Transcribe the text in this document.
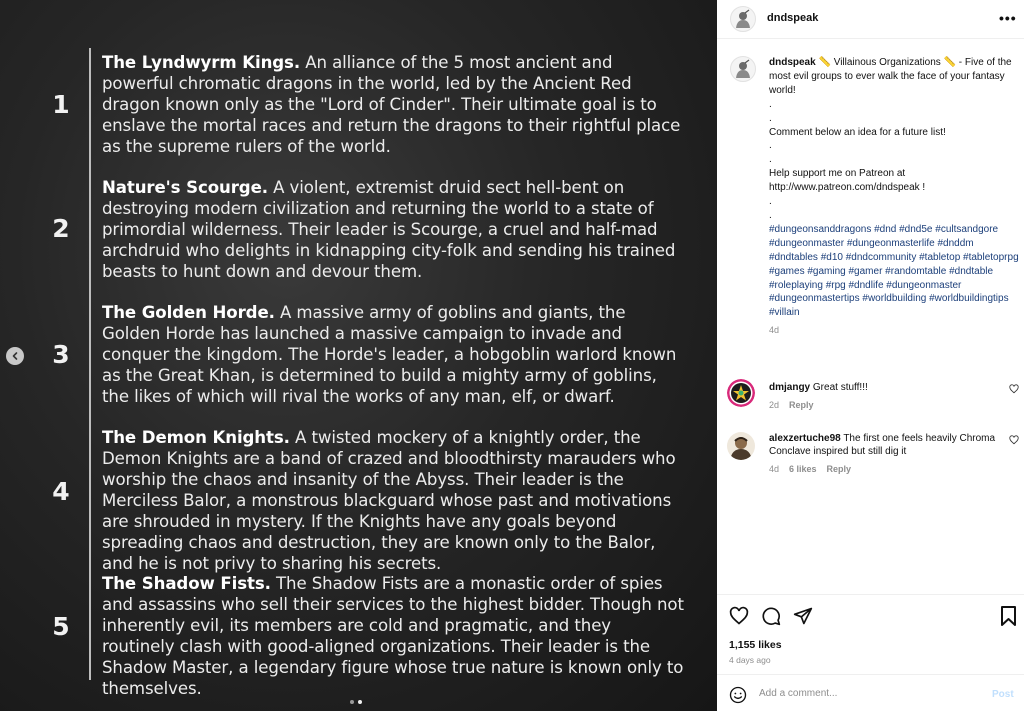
1
The Lyndwyrm Kings. An alliance of the 5 most ancient and powerful chromatic dragons in the world, led by the Ancient Red dragon known only as the "Lord of Cinder". Their ultimate goal is to enslave the mortal races and return the dragons to their rightful place as the supreme rulers of the world.
2
Nature's Scourge. A violent, extremist druid sect hell-bent on destroying modern civilization and returning the world to a state of primordial wilderness. Their leader is Scourge, a cruel and half-mad archdruid who delights in kidnapping city-folk and sending his trained beasts to hunt down and devour them.
3
The Golden Horde. A massive army of goblins and giants, the Golden Horde has launched a massive campaign to invade and conquer the kingdom. The Horde's leader, a hobgoblin warlord known as the Great Khan, is determined to build a mighty army of goblins, the likes of which will rival the works of any man, elf, or dwarf.
4
The Demon Knights. A twisted mockery of a knightly order, the Demon Knights are a band of crazed and bloodthirsty marauders who worship the chaos and insanity of the Abyss. Their leader is the Merciless Balor, a monstrous blackguard whose past and motivations are shrouded in mystery. If the Knights have any goals beyond spreading chaos and destruction, they are known only to the Balor, and he is not privy to sharing his secrets.
5
The Shadow Fists. The Shadow Fists are a monastic order of spies and assassins who sell their services to the highest bidder. Though not inherently evil, its members are cold and pragmatic, and they routinely clash with good-aligned organizations. Their leader is the Shadow Master, a legendary figure whose true nature is known only to themselves.
dndspeak	•••
dndspeak 📏 Villainous Organizations 📏 - Five of the most evil groups to ever walk the face of your fantasy world!
.
.
Comment below an idea for a future list!
.
.
Help support me on Patreon at http://www.patreon.com/dndspeak !
.
.
#dungeonsanddragons #dnd #dnd5e #cultsandgore #dungeonmaster #dungeonmasterlife #dnddm #dndtables #d10 #dndcommunity #tabletop #tabletoprpg #games #gaming #gamer #randomtable #dndtable #roleplaying #rpg #dndlife #dungeonmaster #dungeonmastertips #worldbuilding #worldbuildingtips #villain
4d
dmjangy Great stuff!!!
2d Reply
alexzertuche98 The first one feels heavily Chroma Conclave inspired but still dig it
4d 6 likes Reply
1,155 likes
4 days ago
Add a comment...
Post
